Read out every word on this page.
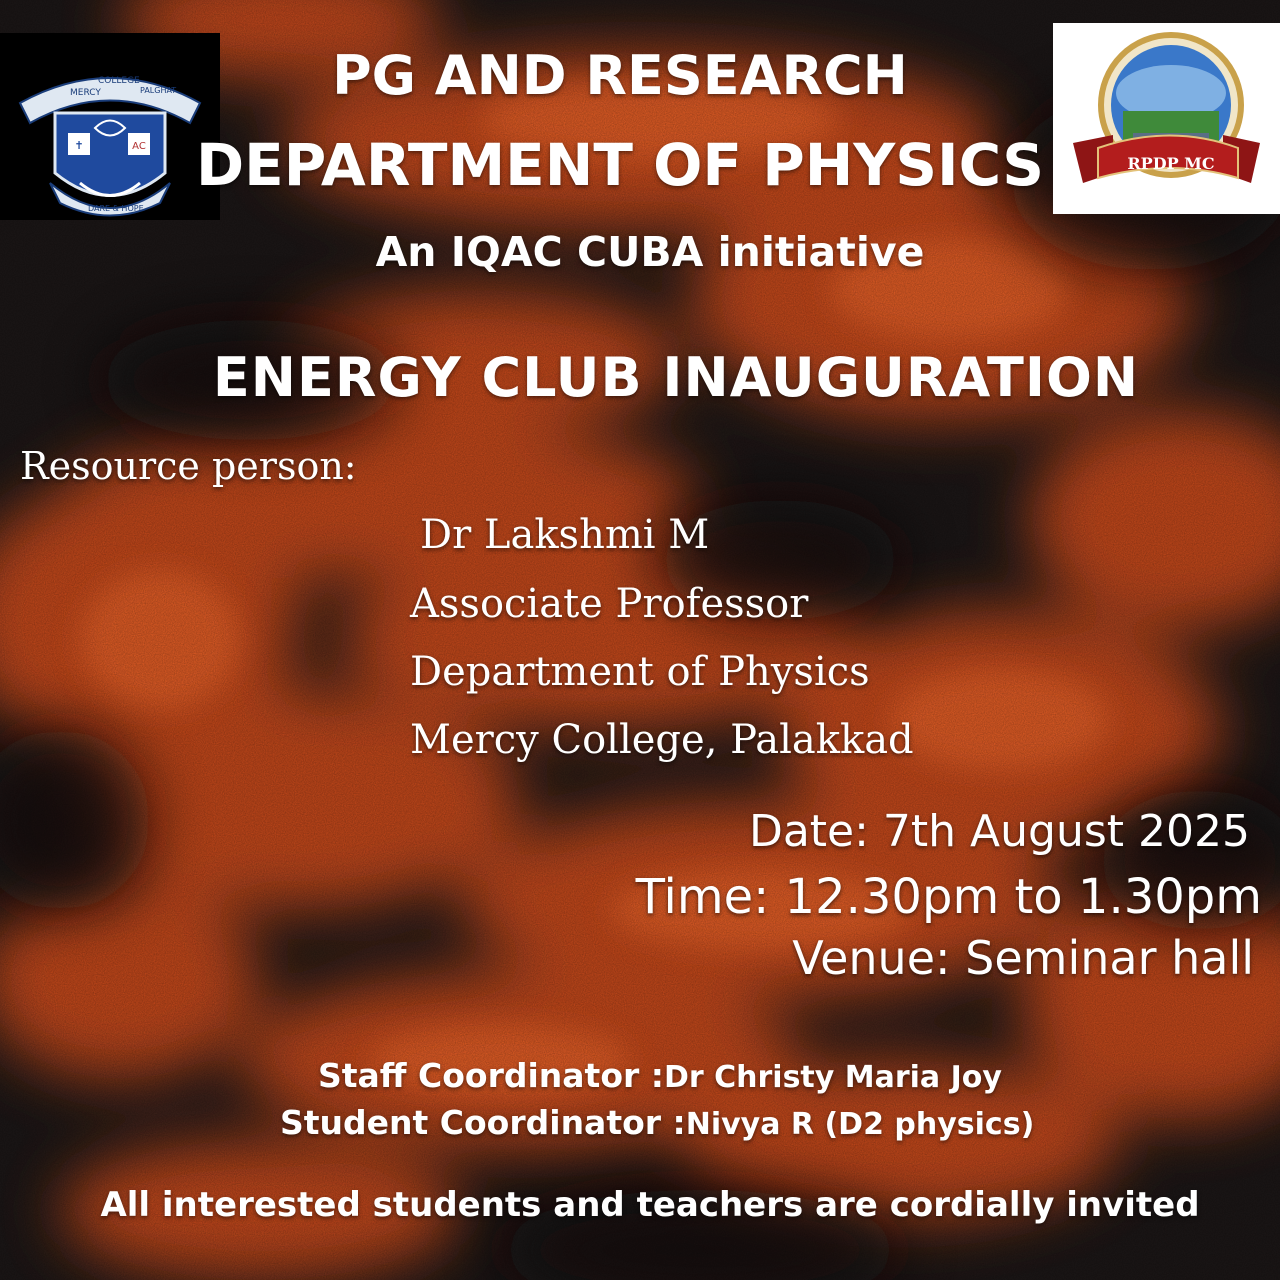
✝	AC
MERCY
COLLEGE
PALGHAT
DARE & HOPE
RPDP MC
PG AND RESEARCH
DEPARTMENT OF PHYSICS
An IQAC CUBA initiative
ENERGY CLUB INAUGURATION
Resource person:
Dr Lakshmi M
Associate Professor
Department of Physics
Mercy College, Palakkad
Date: 7th August 2025
Time: 12.30pm to 1.30pm
Venue: Seminar hall
Staff Coordinator :Dr Christy Maria Joy
Student Coordinator :Nivya R (D2 physics)
All interested students and teachers are cordially invited
